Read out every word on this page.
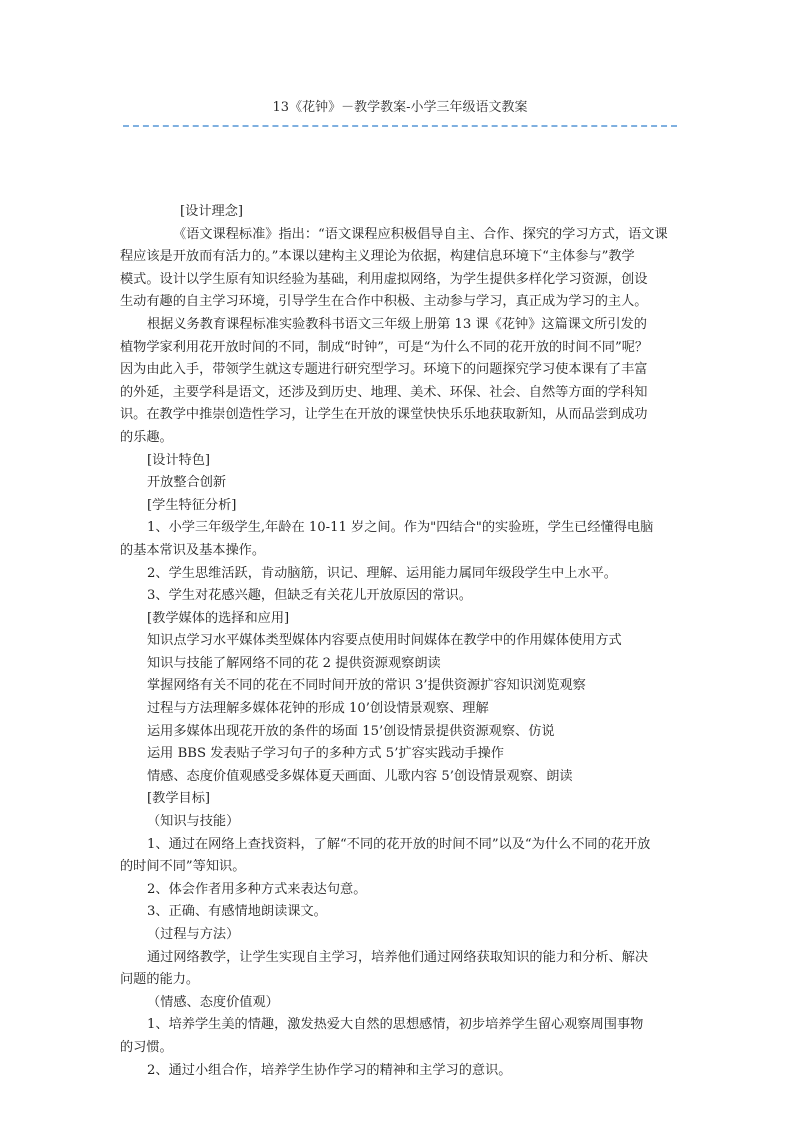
13《花钟》－教学教案-小学三年级语文教案

[设计理念]

《语文课程标准》指出：“语文课程应积极倡导自主、合作、探究的学习方式，语文课

程应该是开放而有活力的。”本课以建构主义理论为依据，构建信息环境下“主体参与”教学

模式。设计以学生原有知识经验为基础，利用虚拟网络，为学生提供多样化学习资源，创设

生动有趣的自主学习环境，引导学生在合作中积极、主动参与学习，真正成为学习的主人。

根据义务教育课程标准实验教科书语文三年级上册第 13 课《花钟》这篇课文所引发的

植物学家利用花开放时间的不同，制成“时钟”，可是“为什么不同的花开放的时间不同”呢？

因为由此入手，带领学生就这专题进行研究型学习。环境下的问题探究学习使本课有了丰富

的外延，主要学科是语文，还涉及到历史、地理、美术、环保、社会、自然等方面的学科知

识。在教学中推崇创造性学习，让学生在开放的课堂快快乐乐地获取新知，从而品尝到成功

的乐趣。

[设计特色]

开放整合创新

[学生特征分析]

1、小学三年级学生,年龄在 10-11 岁之间。作为"四结合"的实验班，学生已经懂得电脑

的基本常识及基本操作。

2、学生思维活跃，肯动脑筋，识记、理解、运用能力属同年级段学生中上水平。

3、学生对花感兴趣，但缺乏有关花儿开放原因的常识。

[教学媒体的选择和应用]

知识点学习水平媒体类型媒体内容要点使用时间媒体在教学中的作用媒体使用方式

知识与技能了解网络不同的花 2 提供资源观察朗读

掌握网络有关不同的花在不同时间开放的常识 3’提供资源扩容知识浏览观察

过程与方法理解多媒体花钟的形成 10’创设情景观察、理解

运用多媒体出现花开放的条件的场面 15’创设情景提供资源观察、仿说

运用 BBS 发表贴子学习句子的多种方式 5’扩容实践动手操作

情感、态度价值观感受多媒体夏天画面、儿歌内容 5’创设情景观察、朗读

[教学目标]

（知识与技能）

1、通过在网络上查找资料，了解“不同的花开放的时间不同”以及“为什么不同的花开放

的时间不同”等知识。

2、体会作者用多种方式来表达句意。

3、正确、有感情地朗读课文。

（过程与方法）

通过网络教学，让学生实现自主学习，培养他们通过网络获取知识的能力和分析、解决

问题的能力。

（情感、态度价值观）

1、培养学生美的情趣，激发热爱大自然的思想感情，初步培养学生留心观察周围事物

的习惯。

2、通过小组合作，培养学生协作学习的精神和主学习的意识。
